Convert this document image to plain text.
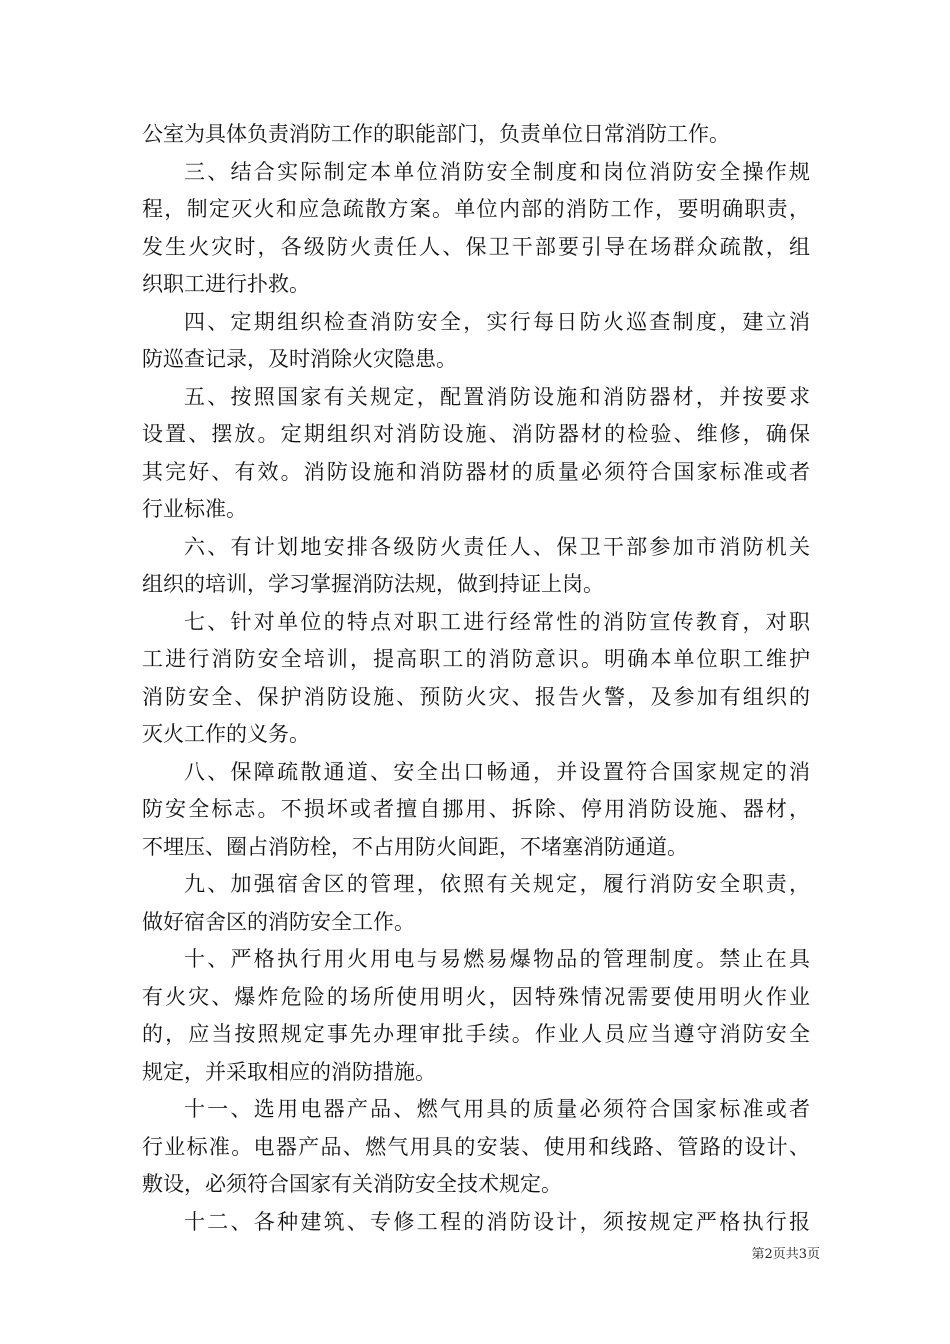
公室为具体负责消防工作的职能部门，负责单位日常消防工作。
三、结合实际制定本单位消防安全制度和岗位消防安全操作规
程，制定灭火和应急疏散方案。单位内部的消防工作，要明确职责，
发生火灾时，各级防火责任人、保卫干部要引导在场群众疏散，组
织职工进行扑救。
四、定期组织检查消防安全，实行每日防火巡查制度，建立消
防巡查记录，及时消除火灾隐患。
五、按照国家有关规定，配置消防设施和消防器材，并按要求
设置、摆放。定期组织对消防设施、消防器材的检验、维修，确保
其完好、有效。消防设施和消防器材的质量必须符合国家标准或者
行业标准。
六、有计划地安排各级防火责任人、保卫干部参加市消防机关
组织的培训，学习掌握消防法规，做到持证上岗。
七、针对单位的特点对职工进行经常性的消防宣传教育，对职
工进行消防安全培训，提高职工的消防意识。明确本单位职工维护
消防安全、保护消防设施、预防火灾、报告火警，及参加有组织的
灭火工作的义务。
八、保障疏散通道、安全出口畅通，并设置符合国家规定的消
防安全标志。不损坏或者擅自挪用、拆除、停用消防设施、器材，
不埋压、圈占消防栓，不占用防火间距，不堵塞消防通道。
九、加强宿舍区的管理，依照有关规定，履行消防安全职责，
做好宿舍区的消防安全工作。
十、严格执行用火用电与易燃易爆物品的管理制度。禁止在具
有火灾、爆炸危险的场所使用明火，因特殊情况需要使用明火作业
的，应当按照规定事先办理审批手续。作业人员应当遵守消防安全
规定，并采取相应的消防措施。
十一、选用电器产品、燃气用具的质量必须符合国家标准或者
行业标准。电器产品、燃气用具的安装、使用和线路、管路的设计、
敷设，必须符合国家有关消防安全技术规定。
十二、各种建筑、专修工程的消防设计，须按规定严格执行报
第2页共3页
